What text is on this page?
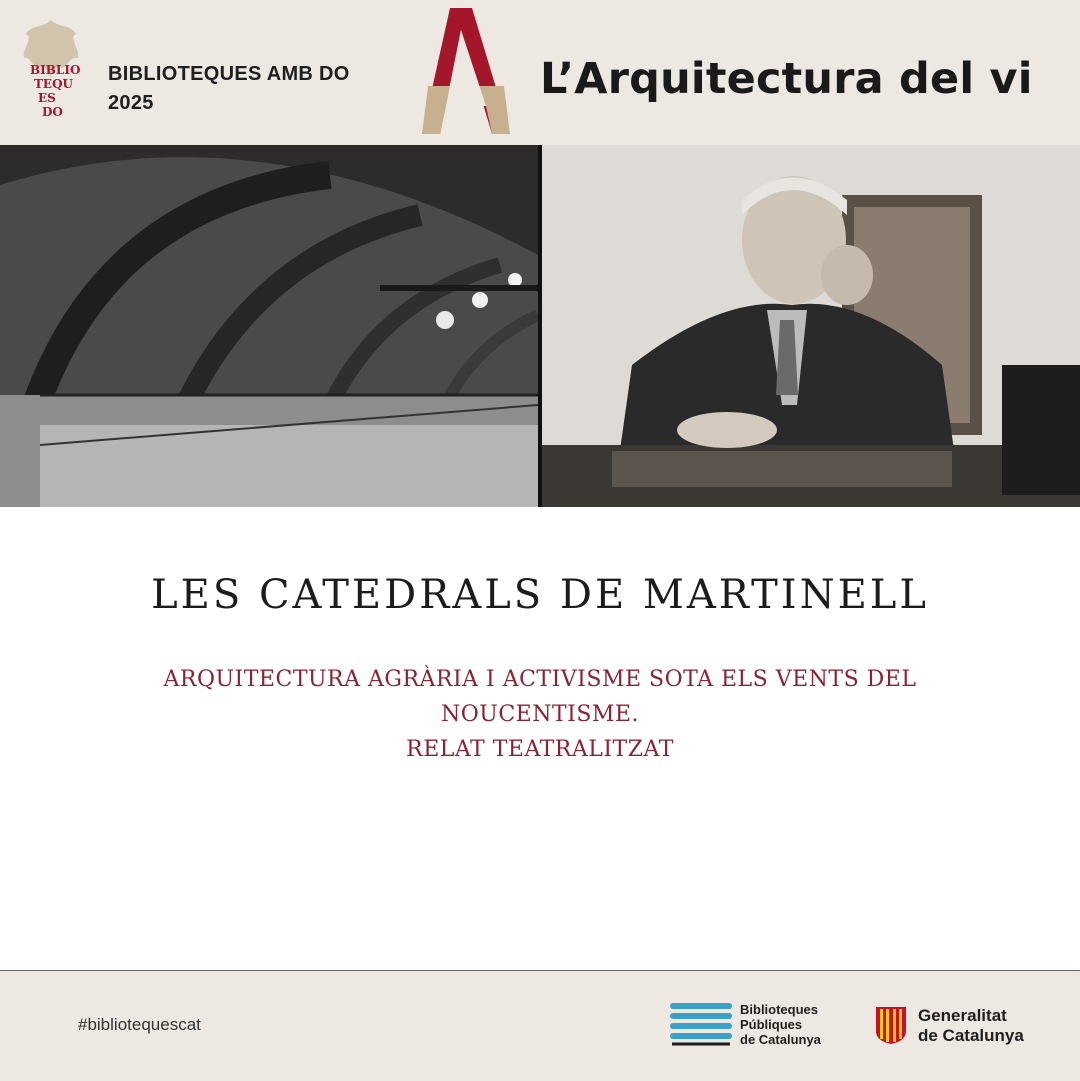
BIBLIO
TEQU
ES
DO
BIBLIOTEQUES AMB DO
2025	L’Arquitectura del vi
LES CATEDRALS DE MARTINELL
ARQUITECTURA AGRÀRIA I ACTIVISME SOTA ELS VENTS DEL
NOUCENTISME.
RELAT TEATRALITZAT
#bibliotequescat
Biblioteques
Públiques
de Catalunya
Generalitat
de Catalunya
